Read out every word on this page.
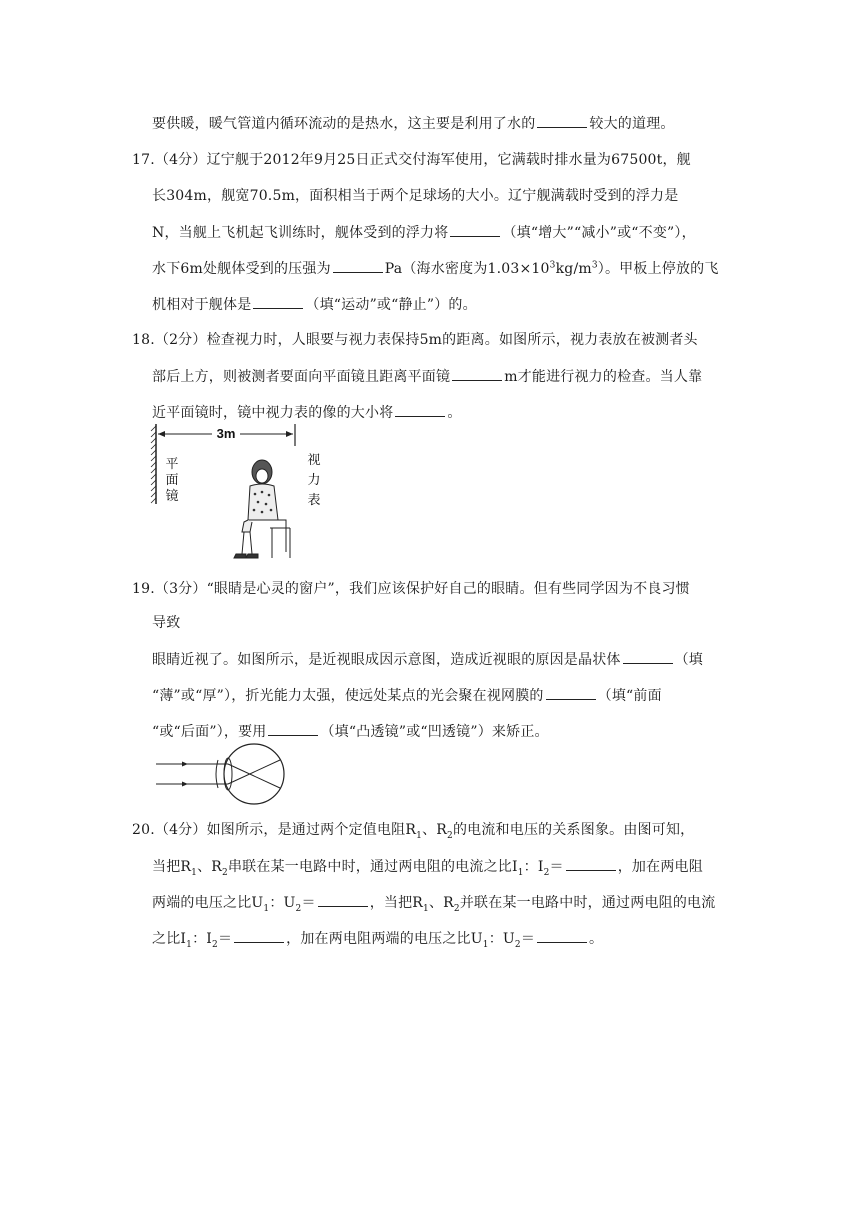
要供暖，暖气管道内循环流动的是热水，这主要是利用了水的	较大的道理。
17.（4分）辽宁舰于2012年9月25日正式交付海军使用，它满载时排水量为67500t，舰
长304m，舰宽70.5m，面积相当于两个足球场的大小。辽宁舰满载时受到的浮力是
N，当舰上飞机起飞训练时，舰体受到的浮力将	（填“增大”“减小”或“不变”），
水下6m处舰体受到的压强为	Pa（海水密度为$1.03\times 10^3kg/m^3$）。甲板上停放的飞
机相对于舰体是	（填“运动”或“静止”）的。
18.（2分）检查视力时，人眼要与视力表保持5m的距离。如图所示，视力表放在被测者头
部后上方，则被测者要面向平面镜且距离平面镜	m才能进行视力的检查。当人靠
近平面镜时，镜中视力表的像的大小将	。
3m
平
面
镜
视
力
表
19.（3分）“眼睛是心灵的窗户”，我们应该保护好自己的眼睛。但有些同学因为不良习惯
导致
眼睛近视了。如图所示，是近视眼成因示意图，造成近视眼的原因是晶状体	（填
“薄”或“厚”），折光能力太强，使远处某点的光会聚在视网膜的	（填“前面
“或“后面”），要用	（填“凸透镜”或“凹透镜”）来矫正。
20.（4分）如图所示，是通过两个定值电阻$R_1$、$R_2$的电流和电压的关系图象。由图可知，
当把$R_1$、$R_2$串联在某一电路中时，通过两电阻的电流之比$I_1$：$I_2=$	，加在两电阻
两端的电压之比$U_1$：$U_2=$	，当把$R_1$、$R_2$并联在某一电路中时，通过两电阻的电流
之比$I_1$：$I_2=$	，加在两电阻两端的电压之比$U_1$：$U_2=$	。
